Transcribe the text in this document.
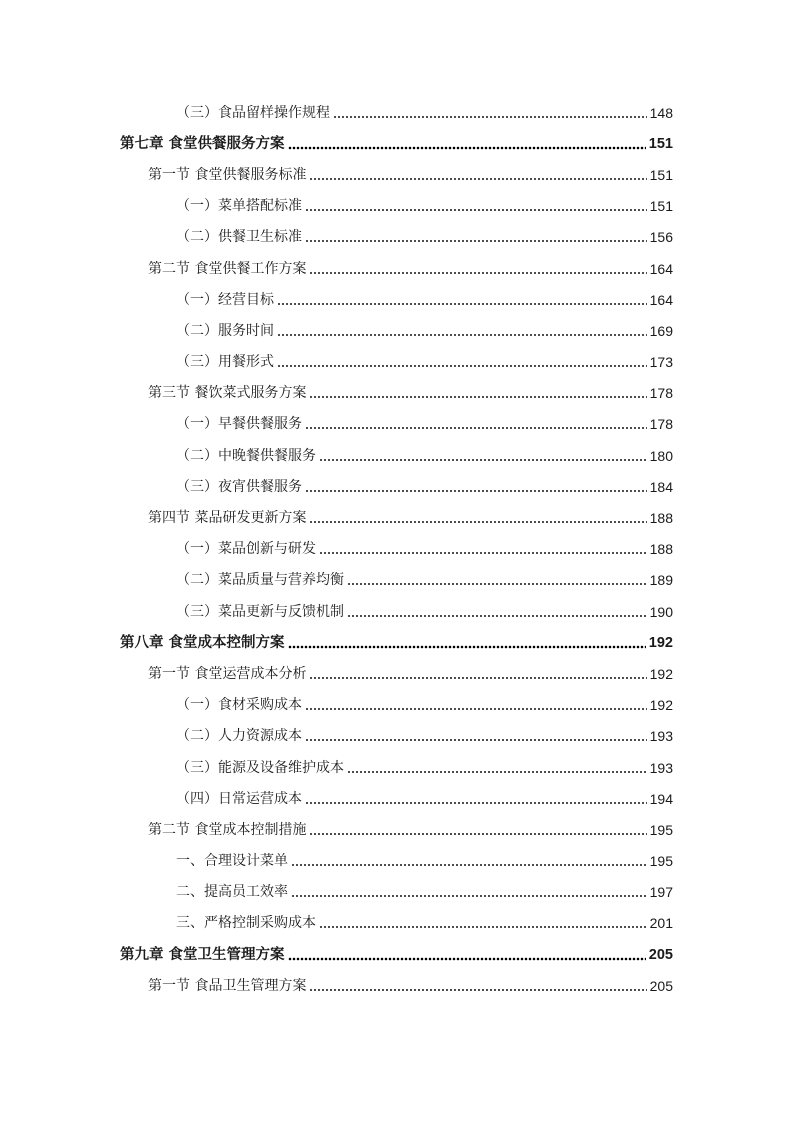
（三）食品留样操作规程	148
第七章 食堂供餐服务方案	151
第一节 食堂供餐服务标准	151
（一）菜单搭配标准	151
（二）供餐卫生标准	156
第二节 食堂供餐工作方案	164
（一）经营目标	164
（二）服务时间	169
（三）用餐形式	173
第三节 餐饮菜式服务方案	178
（一）早餐供餐服务	178
（二）中晚餐供餐服务	180
（三）夜宵供餐服务	184
第四节 菜品研发更新方案	188
（一）菜品创新与研发	188
（二）菜品质量与营养均衡	189
（三）菜品更新与反馈机制	190
第八章 食堂成本控制方案	192
第一节 食堂运营成本分析	192
（一）食材采购成本	192
（二）人力资源成本	193
（三）能源及设备维护成本	193
（四）日常运营成本	194
第二节 食堂成本控制措施	195
一、合理设计菜单	195
二、提高员工效率	197
三、严格控制采购成本	201
第九章 食堂卫生管理方案	205
第一节 食品卫生管理方案	205
